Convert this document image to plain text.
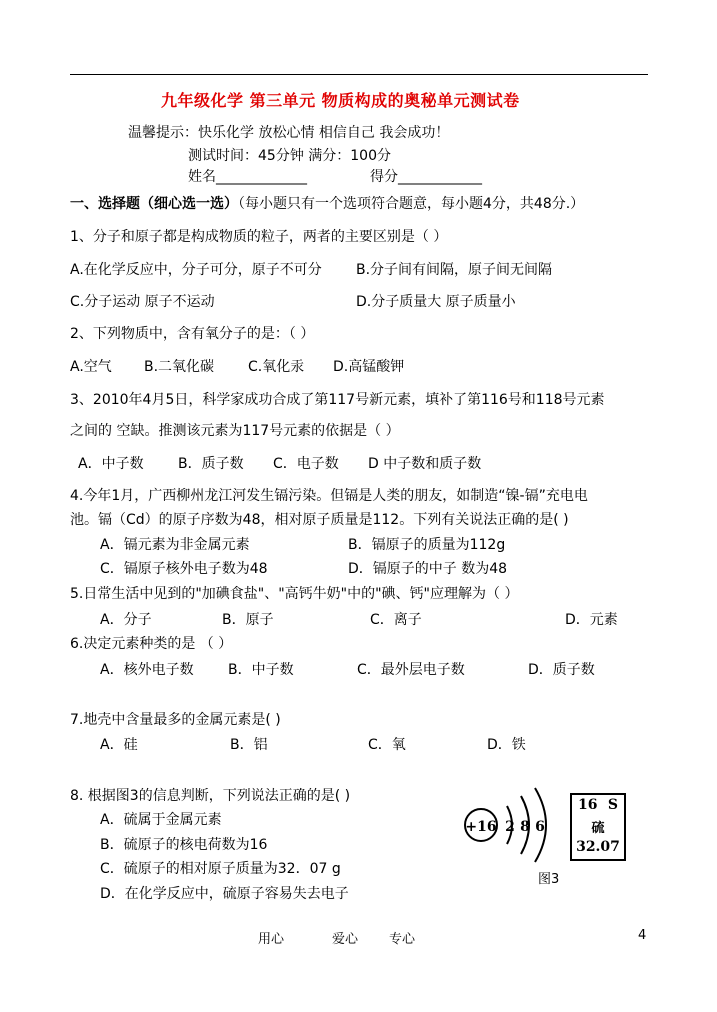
九年级化学 第三单元 物质构成的奥秘单元测试卷
温馨提示：快乐化学 放松心情 相信自己 我会成功！
测试时间：45分钟 满分：100分
姓名_____________	得分____________
一、选择题（细心选一选）（每小题只有一个选项符合题意，每小题4分，共48分.）
1、分子和原子都是构成物质的粒子，两者的主要区别是（ ）
A.在化学反应中，分子可分，原子不可分 B.分子间有间隔，原子间无间隔
C.分子运动 原子不运动	D.分子质量大 原子质量小
2、下列物质中，含有氧分子的是：（ ）
A.空气 B.二氧化碳 C.氧化汞 D.高锰酸钾
3、2010年4月5日，科学家成功合成了第117号新元素，填补了第116号和118号元素
之间的 空缺。推测该元素为117号元素的依据是（ ）
A．中子数 B．质子数 C．电子数 D 中子数和质子数
4.今年1月，广西柳州龙江河发生镉污染。但镉是人类的朋友，如制造“镍-镉”充电电
池。镉（Cd）的原子序数为48，相对原子质量是112。下列有关说法正确的是( )
A．镉元素为非金属元素	B．镉原子的质量为112g
C．镉原子核外电子数为48	D．镉原子的中子 数为48
5.日常生活中见到的"加碘食盐"、"高钙牛奶"中的"碘、钙"应理解为（ ）
A．分子	B．原子	C．离子	D．元素
6.决定元素种类的是 （ ）
A．核外电子数 B．中子数	C．最外层电子数	D．质子数
7.地壳中含量最多的金属元素是( )
A．硅	B．铝	C．氧	D．铁
8. 根据图3的信息判断，下列说法正确的是( )
A．硫属于金属元素
B．硫原子的核电荷数为16
C．硫原子的相对原子质量为32．07 g
D．在化学反应中，硫原子容易失去电子
+16 2 8 6
16 S
硫
32.07
图3
用心	爱心 专心	4
